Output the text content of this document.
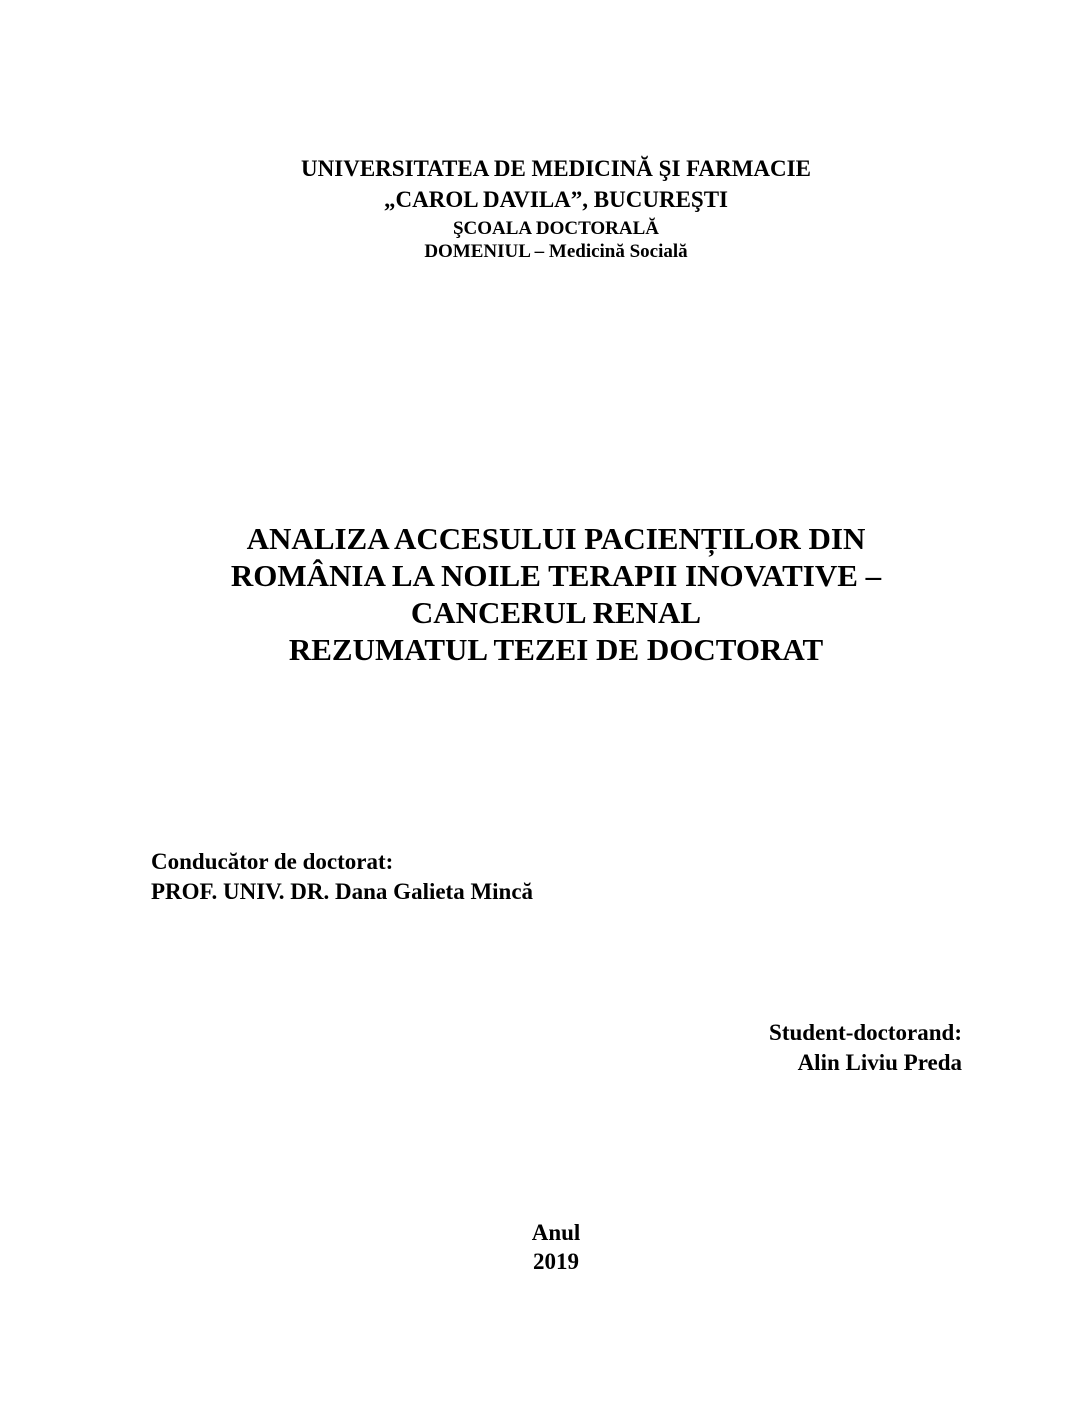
UNIVERSITATEA DE MEDICINĂ ŞI FARMACIE
„CAROL DAVILA”, BUCUREŞTI
ŞCOALA DOCTORALĂ
DOMENIUL – Medicină Socială
ANALIZA ACCESULUI PACIENȚILOR DIN
ROMÂNIA LA NOILE TERAPII INOVATIVE –
CANCERUL RENAL
REZUMATUL TEZEI DE DOCTORAT
Conducător de doctorat:
PROF. UNIV. DR. Dana Galieta Mincă
Student-doctorand:
Alin Liviu Preda
Anul
2019
